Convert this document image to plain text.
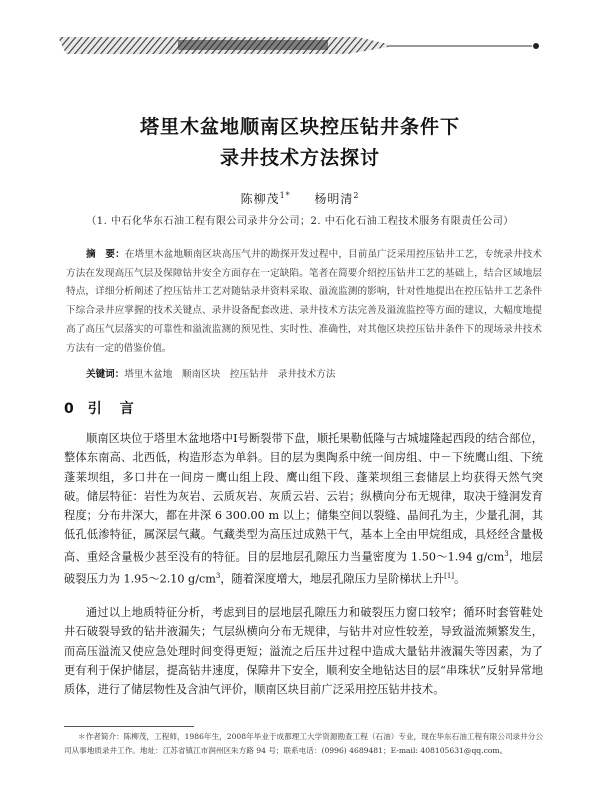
塔里木盆地顺南区块控压钻井条件下
录井技术方法探讨
陈柳茂$^{1*}$ 杨明清$^2$
（1. 中石化华东石油工程有限公司录井分公司；2. 中石化石油工程技术服务有限责任公司）
摘　要：在塔里木盆地顺南区块高压气井的勘探开发过程中，目前虽广泛采用控压钻井工艺，专统录井技术方法在发现高压气层及保障钻井安全方面存在一定缺陷。笔者在简要介绍控压钻井工艺的基础上，结合区域地层特点，详细分析阐述了控压钻井工艺对随钻录井资料采取、溢流监测的影响，针对性地提出在控压钻井工艺条件下综合录井应掌握的技术关键点、录井设备配套改进、录井技术方法完善及溢流监控等方面的建议，大幅度地提高了高压气层落实的可靠性和溢流监测的预见性、实时性、准确性，对其他区块控压钻井条件下的现场录井技术方法有一定的借鉴价值。
关键词：塔里木盆地　顺南区块　控压钻井　录井技术方法
0 引　言
顺南区块位于塔里木盆地塔中Ⅰ号断裂带下盘，顺托果勒低隆与古城墟隆起西段的结合部位，整体东南高、北西低，构造形态为单斜。目的层为奥陶系中统一间房组、中－下统鹰山组、下统蓬莱坝组，多口井在一间房－鹰山组上段、鹰山组下段、蓬莱坝组三套储层上均获得天然气突破。储层特征：岩性为灰岩、云质灰岩、灰质云岩、云岩；纵横向分布无规律，取决于缝洞发育程度；分布井深大，都在井深 6 300.00 m 以上；储集空间以裂缝、晶间孔为主，少量孔洞，其低孔低渗特征，属深层气藏。气藏类型为高压过成熟干气，基本上全由甲烷组成，具烃经含量极高、重烃含量极少甚至没有的特征。目的层地层孔隙压力当量密度为 1.50～1.94 $g/cm^3$，地层破裂压力为 1.95～2.10 $g/cm^3$，随着深度增大，地层孔隙压力呈阶梯状上升[1]。
通过以上地质特征分析，考虑到目的层地层孔隙压力和破裂压力窗口较窄；循环时套管鞋处井石破裂导致的钻井液漏失；气层纵横向分布无规律，与钻井对应性较差，导致溢流频繁发生，而高压溢流又使应急处理时间变得更短；溢流之后压井过程中造成大量钻井液漏失等因素，为了更有利于保护储层，提高钻井速度，保障井下安全，顺利安全地钻达目的层“串珠状”反射异常地质体，进行了储层物性及含油气评价，顺南区块目前广泛采用控压钻井技术。
＊作者简介：陈柳茂，工程师，1986年生，2008年毕业于成都理工大学资源勘查工程（石油）专业，现在华东石油工程有限公司录井分公司从事地质录井工作。地址：江苏省镇江市润州区朱方路 94 号；联系电话：(0996) 4689481；E-mail: 408105631@qq.com。
